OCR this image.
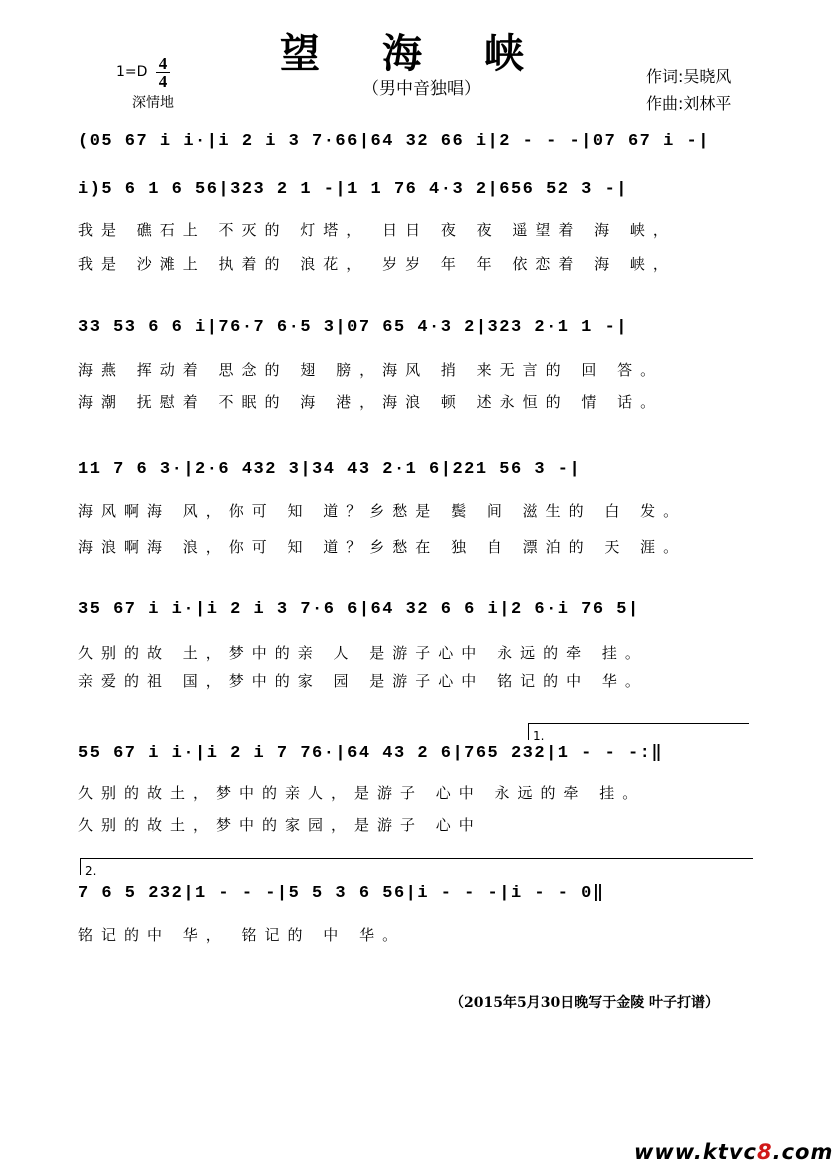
望海峡
（男中音独唱）
1=D 4
4
深情地
作词:吴晓风
作曲:刘林平
(05 67 i i·|i 2 i 3 7·66|64 32 66 i|2 - - -|07 67 i -|
i)5 6 1 6 56|323 2 1 -|1 1 76 4·3 2|656 52 3 -|
我是 礁石上 不灭的 灯塔， 日日 夜 夜 遥望着 海 峡，
我是 沙滩上 执着的 浪花， 岁岁 年 年 依恋着 海 峡，
33 53 6 6 i|76·7 6·5 3|07 65 4·3 2|323 2·1 1 -|
海燕 挥动着 思念的 翅 膀，海风 捎 来无言的 回 答。
海潮 抚慰着 不眠的 海 港，海浪 顿 述永恒的 情 话。
11 7 6 3·|2·6 432 3|34 43 2·1 6|221 56 3 -|
海风啊海 风，你可 知 道？乡愁是 鬓 间 滋生的 白 发。
海浪啊海 浪，你可 知 道？乡愁在 独 自 漂泊的 天 涯。
35 67 i i·|i 2 i 3 7·6 6|64 32 6 6 i|2 6·i 76 5|
久别的故 土，梦中的亲 人 是游子心中 永远的牵 挂。
亲爱的祖 国，梦中的家 园 是游子心中 铭记的中 华。
1.
55 67 i i·|i 2 i 7 76·|64 43 2 6|765 232|1 - - -:‖
久别的故土，梦中的亲人，是游子 心中 永远的牵 挂。
久别的故土，梦中的家园，是游子 心中
2.
7 6 5 232|1 - - -|5 5 3 6 56|i - - -|i - - 0‖
铭记的中 华， 铭记的 中 华。
（2015年5月30日晚写于金陵 叶子打谱）
www.ktvc8.com
